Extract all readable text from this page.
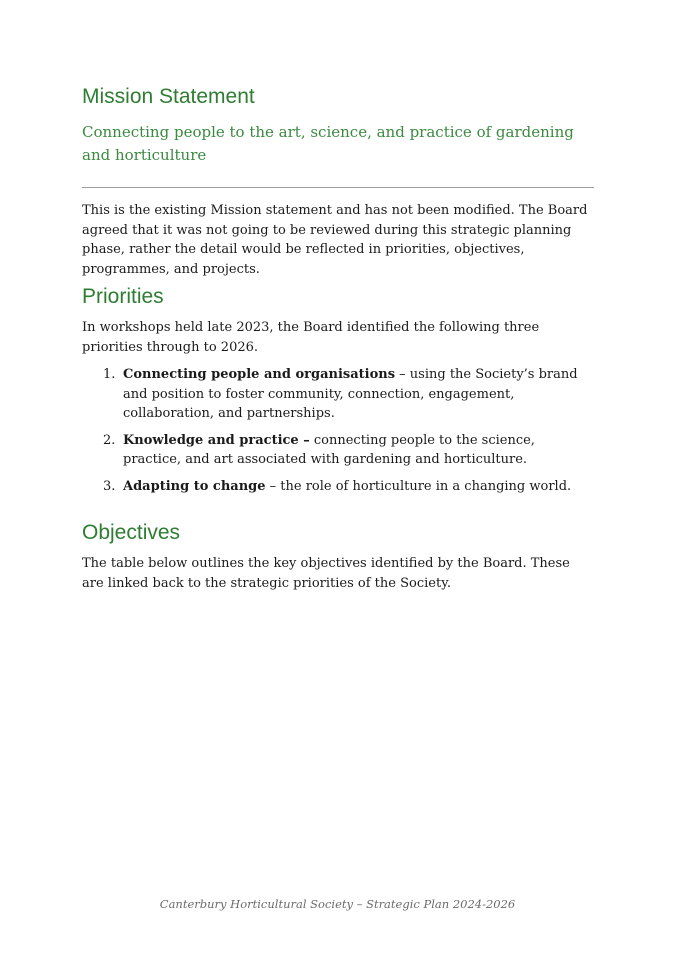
Mission Statement

Connecting people to the art, science, and practice of gardening and horticulture

This is the existing Mission statement and has not been modified. The Board agreed that it was not going to be reviewed during this strategic planning phase, rather the detail would be reflected in priorities, objectives, programmes, and projects.

Priorities

In workshops held late 2023, the Board identified the following three priorities through to 2026.

1. Connecting people and organisations – using the Society’s brand and position to foster community, connection, engagement, collaboration, and partnerships.
2. Knowledge and practice – connecting people to the science, practice, and art associated with gardening and horticulture.
3. Adapting to change – the role of horticulture in a changing world.
Objectives

The table below outlines the key objectives identified by the Board. These are linked back to the strategic priorities of the Society.

Canterbury Horticultural Society – Strategic Plan 2024-2026
